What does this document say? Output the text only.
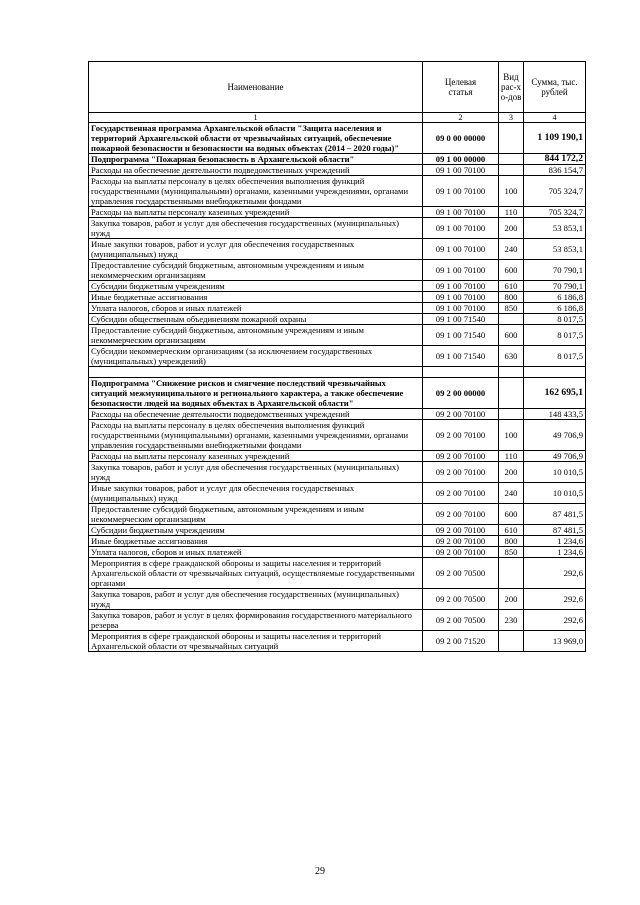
Наименование	Целевая статья	Вид рас-хо-дов	Сумма, тыс. рублей
1	2	3	4
Государственная программа Архангельской области "Защита населения и территорий Архангельской области от чрезвычайных ситуаций, обеспечение пожарной безопасности и безопасности на водных объектах (2014 – 2020 годы)"	09 0 00 00000		1 109 190,1
Подпрограмма "Пожарная безопасность в Архангельской области"	09 1 00 00000		844 172,2
Расходы на обеспечение деятельности подведомственных учреждений	09 1 00 70100		836 154,7
Расходы на выплаты персоналу в целях обеспечения выполнения функций государственными (муниципальными) органами, казенными учреждениями, органами управления государственными внебюджетными фондами	09 1 00 70100	100	705 324,7
Расходы на выплаты персоналу казенных учреждений	09 1 00 70100	110	705 324,7
Закупка товаров, работ и услуг для обеспечения государственных (муниципальных) нужд	09 1 00 70100	200	53 853,1
Иные закупки товаров, работ и услуг для обеспечения государственных (муниципальных) нужд	09 1 00 70100	240	53 853,1
Предоставление субсидий бюджетным, автономным учреждениям и иным некоммерческим организациям	09 1 00 70100	600	70 790,1
Субсидии бюджетным учреждениям	09 1 00 70100	610	70 790,1
Иные бюджетные ассигнования	09 1 00 70100	800	6 186,8
Уплата налогов, сборов и иных платежей	09 1 00 70100	850	6 186,8
Субсидии общественным объединениям пожарной охраны	09 1 00 71540		8 017,5
Предоставление субсидий бюджетным, автономным учреждениям и иным некоммерческим организациям	09 1 00 71540	600	8 017,5
Субсидии некоммерческим организациям (за исключением государственных (муниципальных) учреждений)	09 1 00 71540	630	8 017,5

Подпрограмма "Снижение рисков и смягчение последствий чрезвычайных ситуаций межмуниципального и регионального характера, а также обеспечение безопасности людей на водных объектах в Архангельской области"	09 2 00 00000		162 695,1
Расходы на обеспечение деятельности подведомственных учреждений	09 2 00 70100		148 433,5
Расходы на выплаты персоналу в целях обеспечения выполнения функций государственными (муниципальными) органами, казенными учреждениями, органами управления государственными внебюджетными фондами	09 2 00 70100	100	49 706,9
Расходы на выплаты персоналу казенных учреждений	09 2 00 70100	110	49 706,9
Закупка товаров, работ и услуг для обеспечения государственных (муниципальных) нужд	09 2 00 70100	200	10 010,5
Иные закупки товаров, работ и услуг для обеспечения государственных (муниципальных) нужд	09 2 00 70100	240	10 010,5
Предоставление субсидий бюджетным, автономным учреждениям и иным некоммерческим организациям	09 2 00 70100	600	87 481,5
Субсидии бюджетным учреждениям	09 2 00 70100	610	87 481,5
Иные бюджетные ассигнования	09 2 00 70100	800	1 234,6
Уплата налогов, сборов и иных платежей	09 2 00 70100	850	1 234,6
Мероприятия в сфере гражданской обороны и защиты населения и территорий Архангельской области от чрезвычайных ситуаций, осуществляемые государственными органами	09 2 00 70500		292,6
Закупка товаров, работ и услуг для обеспечения государственных (муниципальных) нужд	09 2 00 70500	200	292,6
Закупка товаров, работ и услуг в целях формирования государственного материального резерва	09 2 00 70500	230	292,6
Мероприятия в сфере гражданской обороны и защиты населения и территорий Архангельской области от чрезвычайных ситуаций	09 2 00 71520		13 969,0
29
